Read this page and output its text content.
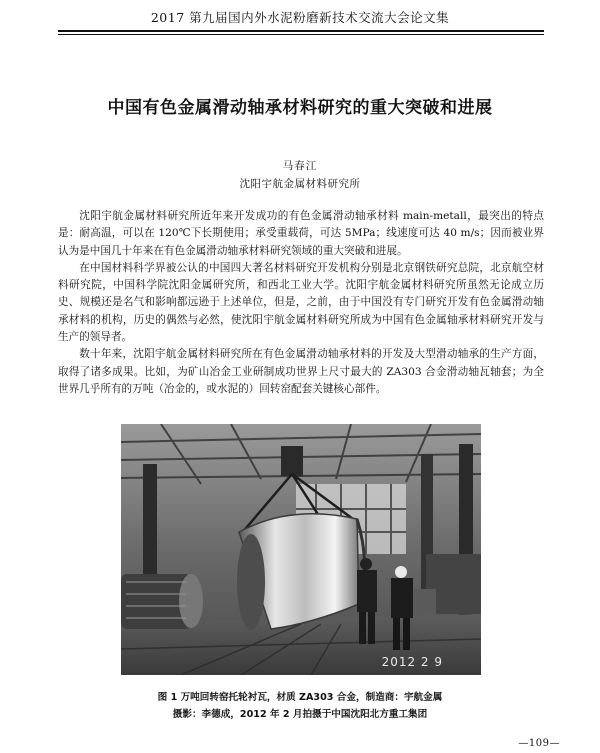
2017 第九届国内外水泥粉磨新技术交流大会论文集
中国有色金属滑动轴承材料研究的重大突破和进展
马春江
沈阳宇航金属材料研究所

沈阳宇航金属材料研究所近年来开发成功的有色金属滑动轴承材料 main-metall，最突出的特点是：耐高温，可以在 120℃下长期使用；承受重载荷，可达 5MPa；线速度可达 40 m/s；因而被业界认为是中国几十年来在有色金属滑动轴承材料研究领域的重大突破和进展。

在中国材料科学界被公认的中国四大著名材料研究开发机构分别是北京钢铁研究总院，北京航空材料研究院，中国科学院沈阳金属研究所，和西北工业大学。沈阳宇航金属材料研究所虽然无论成立历史、规模还是名气和影响都远逊于上述单位，但是，之前，由于中国没有专门研究开发有色金属滑动轴承材料的机构，历史的偶然与必然，使沈阳宇航金属材料研究所成为中国有色金属轴承材料研究开发与生产的领导者。

数十年来，沈阳宇航金属材料研究所在有色金属滑动轴承材料的开发及大型滑动轴承的生产方面，取得了诸多成果。比如，为矿山冶金工业研制成功世界上尺寸最大的 ZA303 合金滑动轴瓦轴套；为全世界几乎所有的万吨（冶金的，或水泥的）回转窑配套关键核心部件。

2012 2 9
图 1 万吨回转窑托轮衬瓦，材质 ZA303 合金，制造商：宇航金属
摄影：李德成，2012 年 2 月拍摄于中国沈阳北方重工集团
—109—
